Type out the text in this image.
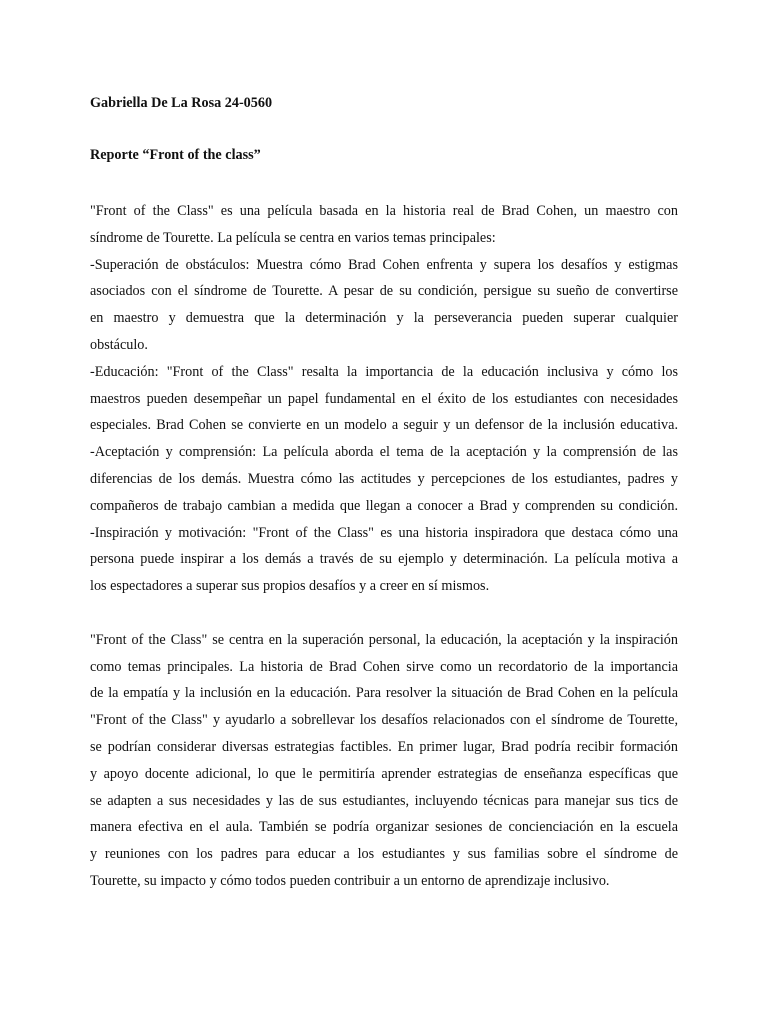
Gabriella De La Rosa 24-0560
Reporte “Front of the class”
"Front of the Class" es una película basada en la historia real de Brad Cohen, un maestro con
síndrome de Tourette. La película se centra en varios temas principales:
-Superación de obstáculos: Muestra cómo Brad Cohen enfrenta y supera los desafíos y estigmas
asociados con el síndrome de Tourette. A pesar de su condición, persigue su sueño de convertirse
en maestro y demuestra que la determinación y la perseverancia pueden superar cualquier
obstáculo.
-Educación: "Front of the Class" resalta la importancia de la educación inclusiva y cómo los
maestros pueden desempeñar un papel fundamental en el éxito de los estudiantes con necesidades
especiales. Brad Cohen se convierte en un modelo a seguir y un defensor de la inclusión educativa.
-Aceptación y comprensión: La película aborda el tema de la aceptación y la comprensión de las
diferencias de los demás. Muestra cómo las actitudes y percepciones de los estudiantes, padres y
compañeros de trabajo cambian a medida que llegan a conocer a Brad y comprenden su condición.
-Inspiración y motivación: "Front of the Class" es una historia inspiradora que destaca cómo una
persona puede inspirar a los demás a través de su ejemplo y determinación. La película motiva a
los espectadores a superar sus propios desafíos y a creer en sí mismos.
"Front of the Class" se centra en la superación personal, la educación, la aceptación y la inspiración
como temas principales. La historia de Brad Cohen sirve como un recordatorio de la importancia
de la empatía y la inclusión en la educación. Para resolver la situación de Brad Cohen en la película
"Front of the Class" y ayudarlo a sobrellevar los desafíos relacionados con el síndrome de Tourette,
se podrían considerar diversas estrategias factibles. En primer lugar, Brad podría recibir formación
y apoyo docente adicional, lo que le permitiría aprender estrategias de enseñanza específicas que
se adapten a sus necesidades y las de sus estudiantes, incluyendo técnicas para manejar sus tics de
manera efectiva en el aula. También se podría organizar sesiones de concienciación en la escuela
y reuniones con los padres para educar a los estudiantes y sus familias sobre el síndrome de
Tourette, su impacto y cómo todos pueden contribuir a un entorno de aprendizaje inclusivo.
